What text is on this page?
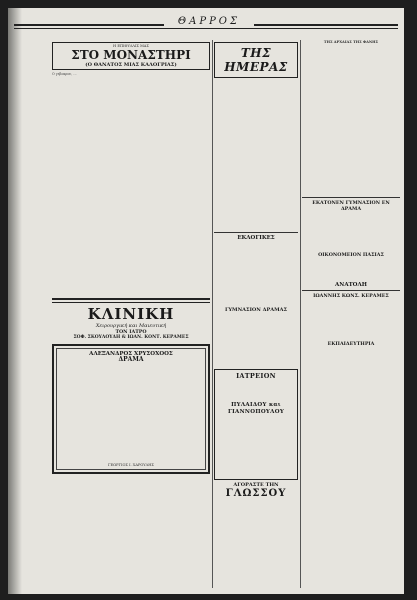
ΘΑΡΡΟΣ
Η ΕΠΙΦΥΛΛΙΣ ΜΑΣ
ΣΤΟ ΜΟΝΑΣΤΗΡΙ
(Ο ΘΑΝΑΤΟΣ ΜΙΑΣ ΚΑΛΟΓΡΙΑΣ)
Ο γεβοκρον, ...
ΚΛΙΝΙΚΗ
Χειρουργική και Μαιευτική
ΤΟΝ ΙΑΤΡΟ
ΣΟΦ. ΣΚΟΥΛΟΥΔΗ & ΙΩΑΝ. ΚΟΝΤ. ΚΕΡΑΜΕΣ
ΑΛΕΞΑΝΔΡΟΣ ΧΡΥΣΟΧΟΟΣ
ΔΡΑΜΑ
ΓΕΩΡΓΙΟΣ Ι. ΧΑΡΟΥΛΗΣ
ΤΗΣ ΗΜΕΡΑΣ
ΕΚΛΟΓΙΚΕΣ
ΓΥΜΝΑΣΙΟΝ ΔΡΑΜΑΣ
ΙΑΤΡΕΙΟΝ
ΠΥΛΑΙΔΟΥ και ΓΙΑΝΝΟΠΟΥΛΟΥ
ΑΓΟΡΑΣΤΕ ΤΗΝ
ΓΛΩΣΣΟΥ
ΤΗΣ ΑΡΧΑΙΑΣ ΤΗΣ ΦΑΝΗΣ
ΕΚΑΤΟΝΕΝ ΓΥΜΝΑΣΙΟΝ ΕΝ ΔΡΑΜΑ
ΟΙΚΟΝΟΜΕΙΟΝ ΠΑΣΙΑΣ
ΑΝΑΤΟΛΗ
ΙΩΑΝΝΗΣ ΚΩΝΣ. ΚΕΡΑΜΕΣ
ΕΚΠΑΙΔΕΥΤΗΡΙΑ
